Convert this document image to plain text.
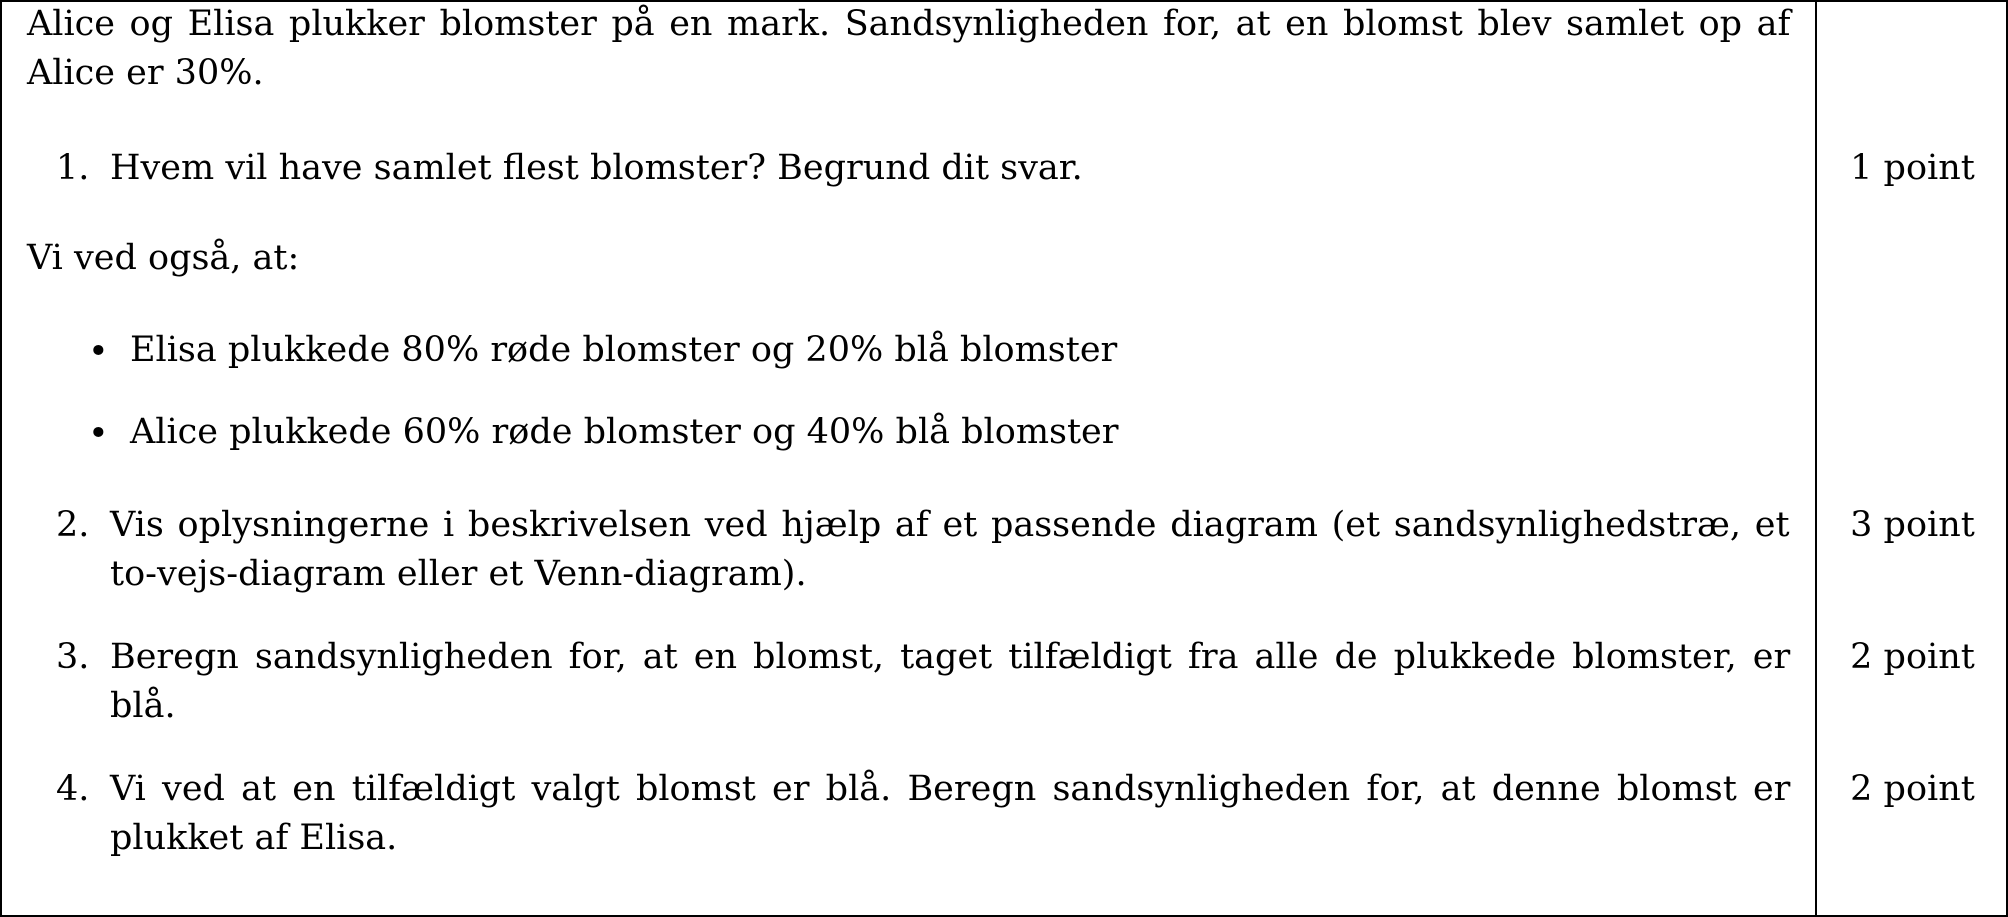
Alice og Elisa plukker blomster på en mark. Sandsynligheden for, at en blomst blev samlet op af
Alice er 30%.
1. Hvem vil have samlet flest blomster? Begrund dit svar.	1 point
Vi ved også, at:
• Elisa plukkede 80% røde blomster og 20% blå blomster
• Alice plukkede 60% røde blomster og 40% blå blomster
2. Vis oplysningerne i beskrivelsen ved hjælp af et passende diagram (et sandsynlighedstræ, et
to-vejs-diagram eller et Venn-diagram).
3 point
3. Beregn sandsynligheden for, at en blomst, taget tilfældigt fra alle de plukkede blomster, er
blå.
2 point
4. Vi ved at en tilfældigt valgt blomst er blå. Beregn sandsynligheden for, at denne blomst er
plukket af Elisa.
2 point
